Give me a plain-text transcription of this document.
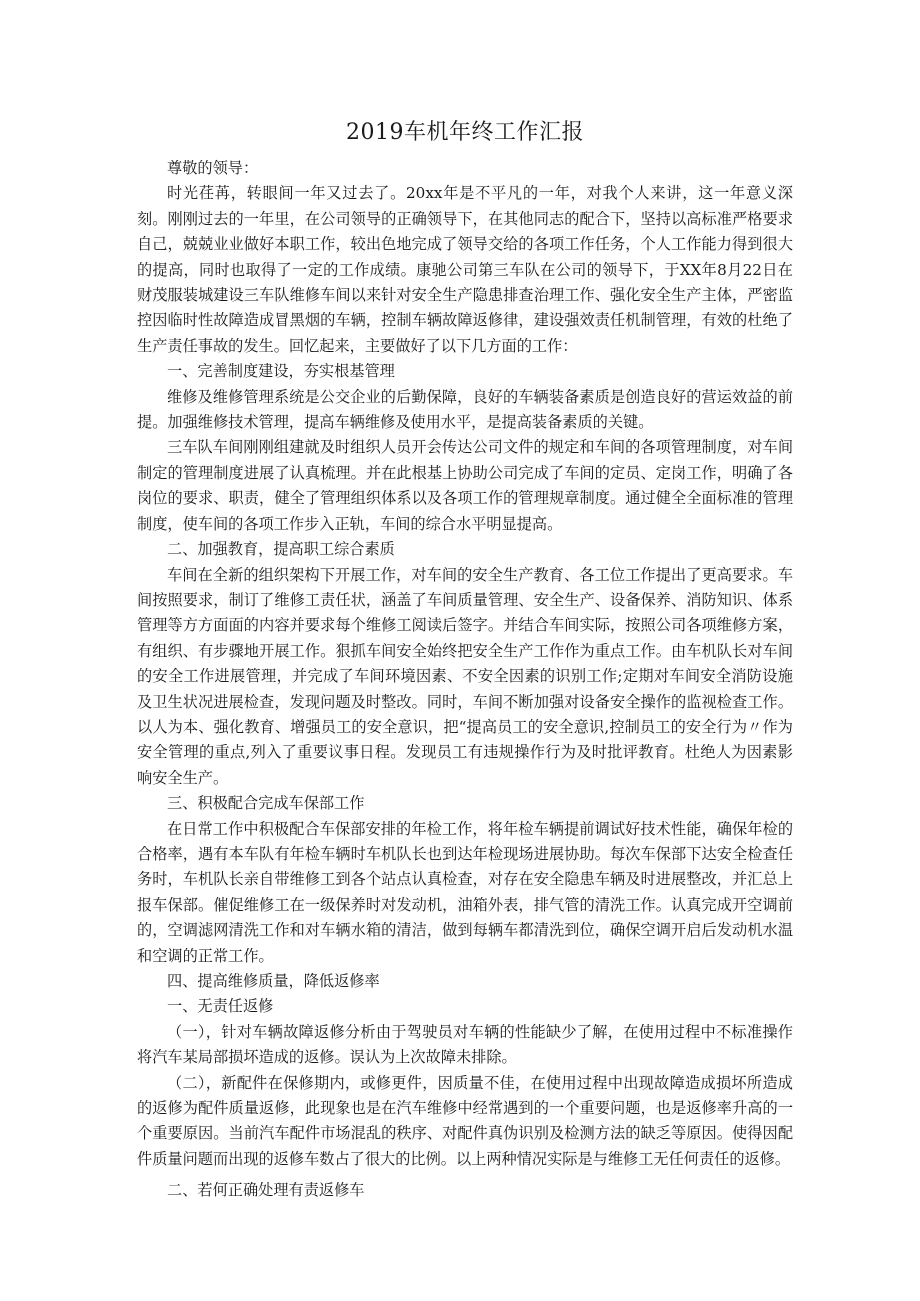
2019车机年终工作汇报

尊敬的领导：

时光荏苒，转眼间一年又过去了。20xx年是不平凡的一年，对我个人来讲，这一年意义深刻。刚刚过去的一年里，在公司领导的正确领导下，在其他同志的配合下，坚持以高标准严格要求自己，兢兢业业做好本职工作，较出色地完成了领导交给的各项工作任务，个人工作能力得到很大的提高，同时也取得了一定的工作成绩。康驰公司第三车队在公司的领导下，于XX年8月22日在财茂服装城建设三车队维修车间以来针对安全生产隐患排查治理工作、强化安全生产主体，严密监控因临时性故障造成冒黑烟的车辆，控制车辆故障返修律，建设强效责任机制管理，有效的杜绝了生产责任事故的发生。回忆起来，主要做好了以下几方面的工作：

一、完善制度建设，夯实根基管理

维修及维修管理系统是公交企业的后勤保障，良好的车辆装备素质是创造良好的营运效益的前提。加强维修技术管理，提高车辆维修及使用水平，是提高装备素质的关键。

三车队车间刚刚组建就及时组织人员开会传达公司文件的规定和车间的各项管理制度，对车间制定的管理制度进展了认真梳理。并在此根基上协助公司完成了车间的定员、定岗工作，明确了各岗位的要求、职责，健全了管理组织体系以及各项工作的管理规章制度。通过健全全面标准的管理制度，使车间的各项工作步入正轨，车间的综合水平明显提高。

二、加强教育，提高职工综合素质

车间在全新的组织架构下开展工作，对车间的安全生产教育、各工位工作提出了更高要求。车间按照要求，制订了维修工责任状，涵盖了车间质量管理、安全生产、设备保养、消防知识、体系管理等方方面面的内容并要求每个维修工阅读后签字。并结合车间实际，按照公司各项维修方案，有组织、有步骤地开展工作。狠抓车间安全始终把安全生产工作作为重点工作。由车机队长对车间的安全工作进展管理，并完成了车间环境因素、不安全因素的识别工作;定期对车间安全消防设施及卫生状况进展检查，发现问题及时整改。同时，车间不断加强对设备安全操作的监视检查工作。以人为本、强化教育、增强员工的安全意识，把“提高员工的安全意识,控制员工的安全行为〃作为安全管理的重点,列入了重要议事日程。发现员工有违规操作行为及时批评教育。杜绝人为因素影响安全生产。

三、积极配合完成车保部工作

在日常工作中积极配合车保部安排的年检工作，将年检车辆提前调试好技术性能，确保年检的合格率，遇有本车队有年检车辆时车机队长也到达年检现场进展协助。每次车保部下达安全检查任务时，车机队长亲自带维修工到各个站点认真检查，对存在安全隐患车辆及时进展整改，并汇总上报车保部。催促维修工在一级保养时对发动机，油箱外表，排气管的清洗工作。认真完成开空调前的，空调滤网清洗工作和对车辆水箱的清洁，做到每辆车都清洗到位，确保空调开启后发动机水温和空调的正常工作。

四、提高维修质量，降低返修率

一、无责任返修

（一），针对车辆故障返修分析由于驾驶员对车辆的性能缺少了解，在使用过程中不标准操作将汽车某局部损坏造成的返修。误认为上次故障未排除。

（二），新配件在保修期内，或修更件，因质量不佳，在使用过程中出现故障造成损坏所造成的返修为配件质量返修，此现象也是在汽车维修中经常遇到的一个重要问题，也是返修率升高的一个重要原因。当前汽车配件市场混乱的秩序、对配件真伪识别及检测方法的缺乏等原因。使得因配件质量问题而出现的返修车数占了很大的比例。以上两种情况实际是与维修工无任何责任的返修。

二、若何正确处理有责返修车
